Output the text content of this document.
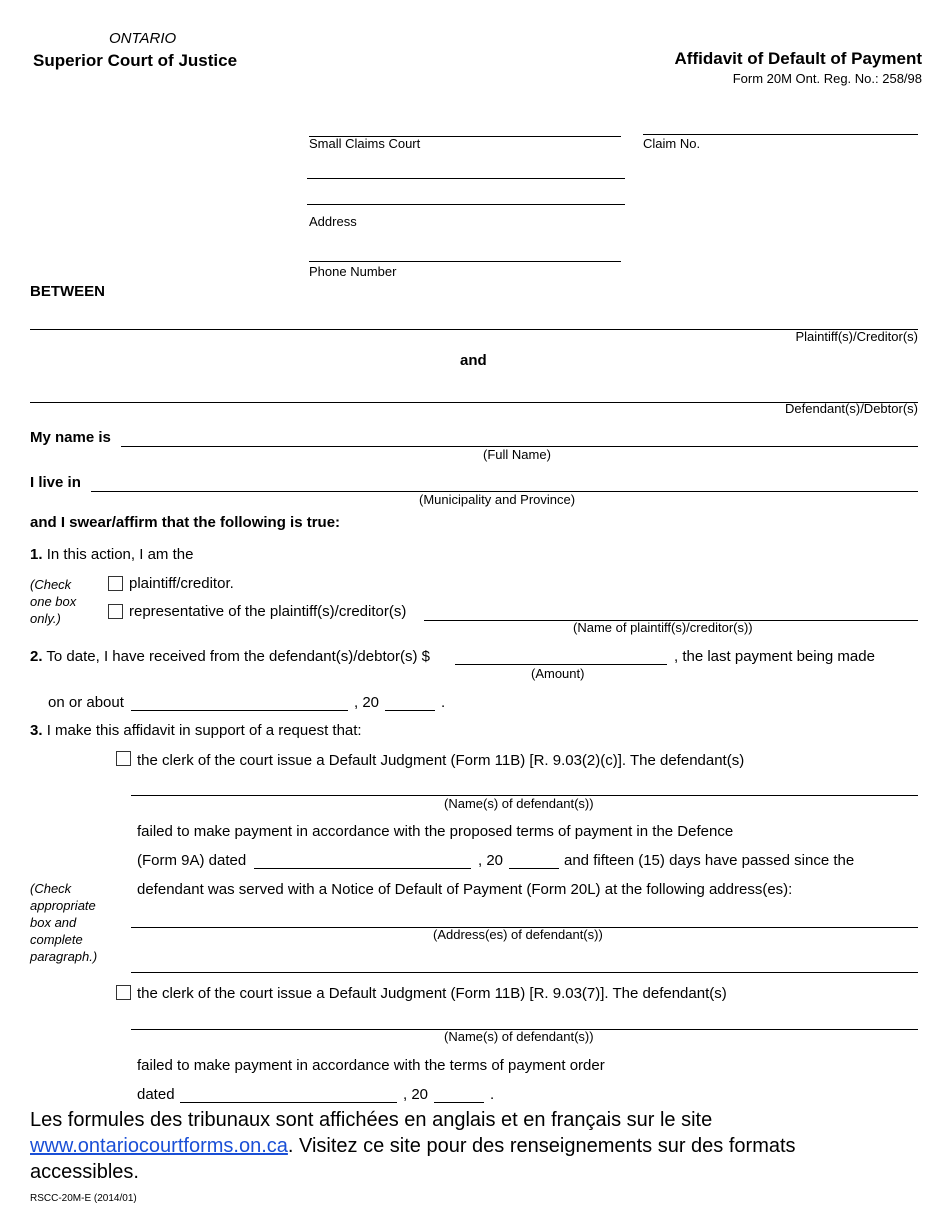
ONTARIO
Superior Court of Justice	Affidavit of Default of Payment
Form 20M Ont. Reg. No.: 258/98
Small Claims Court	Claim No.
Address
Phone Number
BETWEEN
Plaintiff(s)/Creditor(s)
and
Defendant(s)/Debtor(s)
My name is
(Full Name)
I live in
(Municipality and Province)
and I swear/affirm that the following is true:
1. In this action, I am the
(Check one box only.)
plaintiff/creditor.
representative of the plaintiff(s)/creditor(s)
(Name of plaintiff(s)/creditor(s))
2. To date, I have received from the defendant(s)/debtor(s) $
(Amount)
, the last payment being made
on or about	, 20	.
3. I make this affidavit in support of a request that:
the clerk of the court issue a Default Judgment (Form 11B) [R. 9.03(2)(c)]. The defendant(s)
(Name(s) of defendant(s))
failed to make payment in accordance with the proposed terms of payment in the Defence
(Form 9A) dated	, 20	and fifteen (15) days have passed since the
(Check appropriate box and complete paragraph.)
defendant was served with a Notice of Default of Payment (Form 20L) at the following address(es):
(Address(es) of defendant(s))
the clerk of the court issue a Default Judgment (Form 11B) [R. 9.03(7)]. The defendant(s)
(Name(s) of defendant(s))
failed to make payment in accordance with the terms of payment order
dated	, 20	.
Les formules des tribunaux sont affichées en anglais et en français sur le site
www.ontariocourtforms.on.ca. Visitez ce site pour des renseignements sur des formats accessibles.
RSCC-20M-E (2014/01)
